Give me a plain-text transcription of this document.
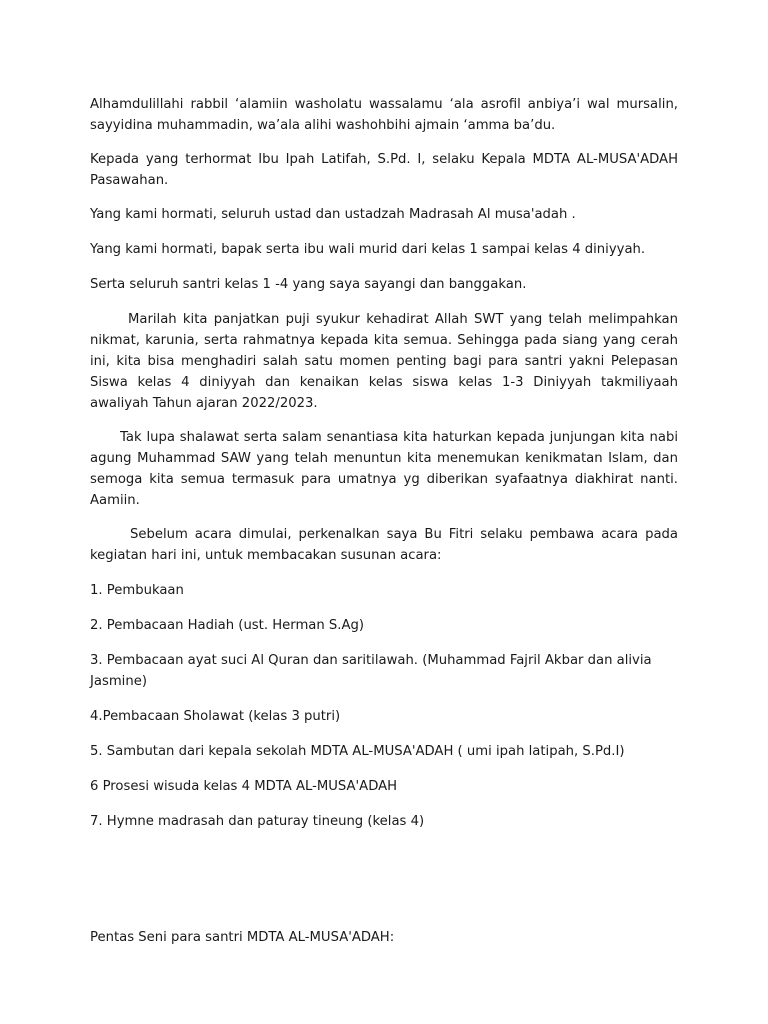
Alhamdulillahi rabbil ‘alamiin washolatu wassalamu ‘ala asrofil anbiya’i wal mursalin, sayyidina muhammadin, wa’ala alihi washohbihi ajmain ‘amma ba’du.

Kepada yang terhormat Ibu Ipah Latifah, S.Pd. I, selaku Kepala MDTA AL-MUSA'ADAH Pasawahan.

Yang kami hormati, seluruh ustad dan ustadzah Madrasah Al musa'adah .

Yang kami hormati, bapak serta ibu wali murid dari kelas 1 sampai kelas 4 diniyyah.

Serta seluruh santri kelas 1 -4 yang saya sayangi dan banggakan.

Marilah kita panjatkan puji syukur kehadirat Allah SWT yang telah melimpahkan nikmat, karunia, serta rahmatnya kepada kita semua. Sehingga pada siang yang cerah ini, kita bisa menghadiri salah satu momen penting bagi para santri yakni Pelepasan Siswa kelas 4 diniyyah dan kenaikan kelas siswa kelas 1-3 Diniyyah takmiliyaah awaliyah Tahun ajaran 2022/2023.

Tak lupa shalawat serta salam senantiasa kita haturkan kepada junjungan kita nabi agung Muhammad SAW yang telah menuntun kita menemukan kenikmatan Islam, dan semoga kita semua termasuk para umatnya yg diberikan syafaatnya diakhirat nanti. Aamiin.

Sebelum acara dimulai, perkenalkan saya Bu Fitri selaku pembawa acara pada kegiatan hari ini, untuk membacakan susunan acara:

1. Pembukaan

2. Pembacaan Hadiah (ust. Herman S.Ag)

3. Pembacaan ayat suci Al Quran dan saritilawah. (Muhammad Fajril Akbar dan alivia Jasmine)

4.Pembacaan Sholawat (kelas 3 putri)

5. Sambutan dari kepala sekolah MDTA AL-MUSA'ADAH ( umi ipah latipah, S.Pd.I)

6 Prosesi wisuda kelas 4 MDTA AL-MUSA'ADAH

7. Hymne madrasah dan paturay tineung (kelas 4)

Pentas Seni para santri MDTA AL-MUSA'ADAH:
